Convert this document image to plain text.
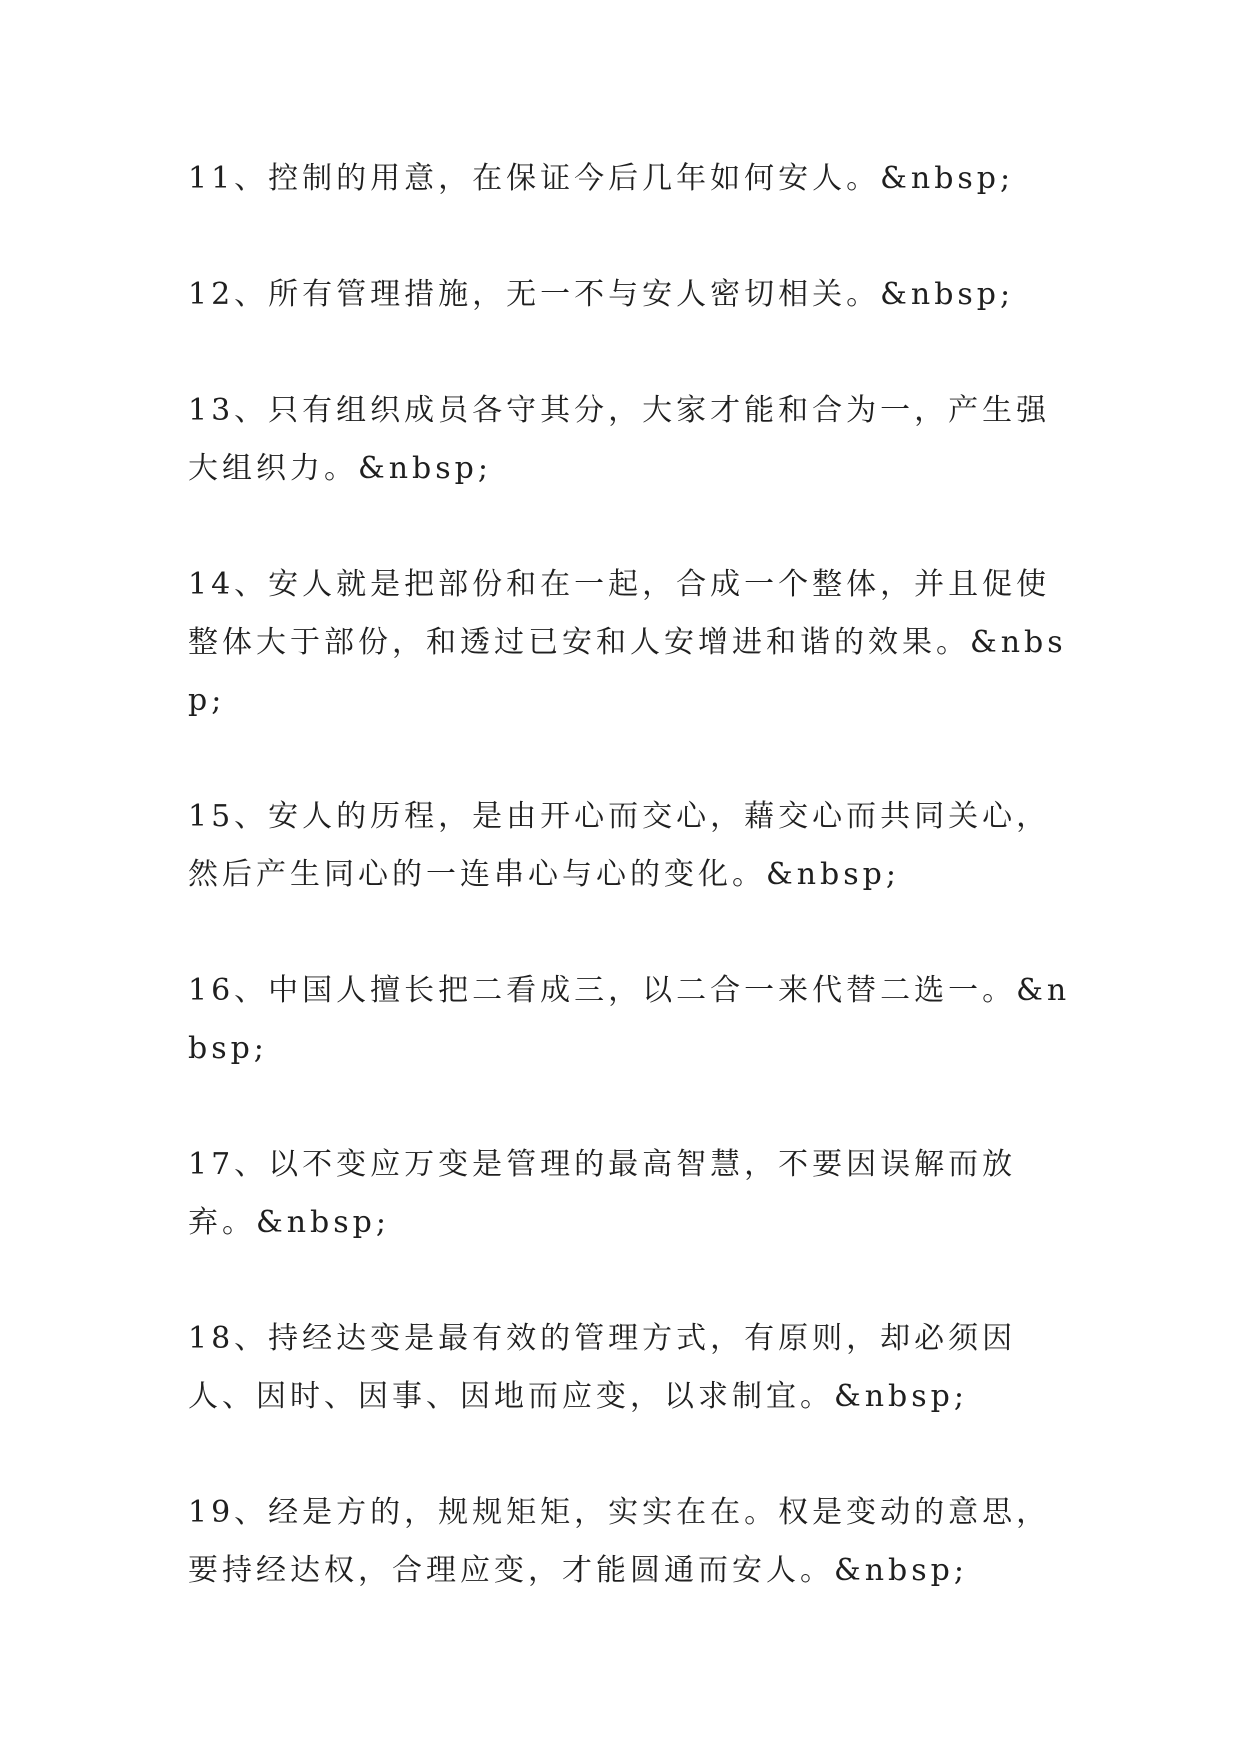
11、控制的用意，在保证今后几年如何安人。&nbsp;

12、所有管理措施，无一不与安人密切相关。&nbsp;

13、只有组织成员各守其分，大家才能和合为一，产生强大组织力。&nbsp;

14、安人就是把部份和在一起，合成一个整体，并且促使整体大于部份，和透过已安和人安增进和谐的效果。&nbsp;

15、安人的历程，是由开心而交心，藉交心而共同关心，然后产生同心的一连串心与心的变化。&nbsp;

16、中国人擅长把二看成三，以二合一来代替二选一。&nbsp;

17、以不变应万变是管理的最高智慧，不要因误解而放弃。&nbsp;

18、持经达变是最有效的管理方式，有原则，却必须因人、因时、因事、因地而应变，以求制宜。&nbsp;

19、经是方的，规规矩矩，实实在在。权是变动的意思，要持经达权，合理应变，才能圆通而安人。&nbsp;
